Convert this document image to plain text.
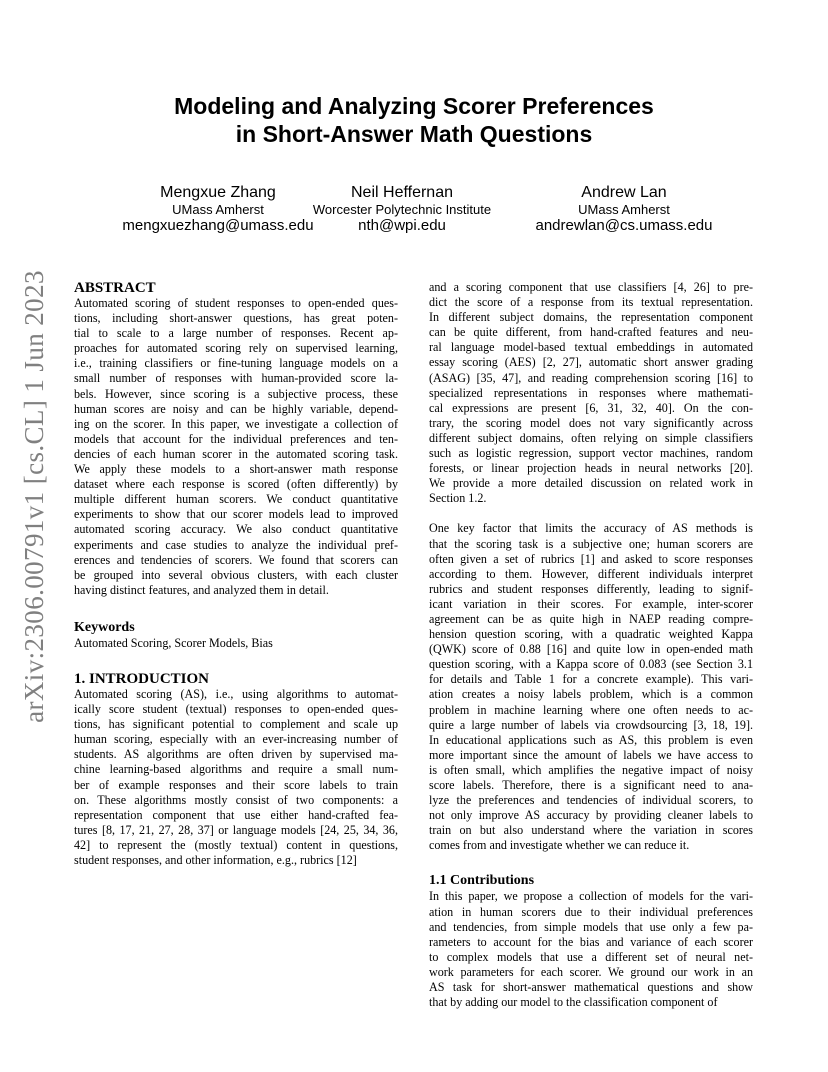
arXiv:2306.00791v1 [cs.CL] 1 Jun 2023
Modeling and Analyzing Scorer Preferences
in Short-Answer Math Questions
Mengxue Zhang
UMass Amherst
mengxuezhang@umass.edu
Neil Heffernan
Worcester Polytechnic Institute
nth@wpi.edu
Andrew Lan
UMass Amherst
andrewlan@cs.umass.edu
ABSTRACT
Automated scoring of student responses to open-ended ques-
tions, including short-answer questions, has great poten-
tial to scale to a large number of responses. Recent ap-
proaches for automated scoring rely on supervised learning,
i.e., training classifiers or fine-tuning language models on a
small number of responses with human-provided score la-
bels. However, since scoring is a subjective process, these
human scores are noisy and can be highly variable, depend-
ing on the scorer. In this paper, we investigate a collection of
models that account for the individual preferences and ten-
dencies of each human scorer in the automated scoring task.
We apply these models to a short-answer math response
dataset where each response is scored (often differently) by
multiple different human scorers. We conduct quantitative
experiments to show that our scorer models lead to improved
automated scoring accuracy. We also conduct quantitative
experiments and case studies to analyze the individual pref-
erences and tendencies of scorers. We found that scorers can
be grouped into several obvious clusters, with each cluster
having distinct features, and analyzed them in detail.
Keywords
Automated Scoring, Scorer Models, Bias
1. INTRODUCTION
Automated scoring (AS), i.e., using algorithms to automat-
ically score student (textual) responses to open-ended ques-
tions, has significant potential to complement and scale up
human scoring, especially with an ever-increasing number of
students. AS algorithms are often driven by supervised ma-
chine learning-based algorithms and require a small num-
ber of example responses and their score labels to train
on. These algorithms mostly consist of two components: a
representation component that use either hand-crafted fea-
tures [8, 17, 21, 27, 28, 37] or language models [24, 25, 34, 36,
42] to represent the (mostly textual) content in questions,
student responses, and other information, e.g., rubrics [12]
and a scoring component that use classifiers [4, 26] to pre-
dict the score of a response from its textual representation.
In different subject domains, the representation component
can be quite different, from hand-crafted features and neu-
ral language model-based textual embeddings in automated
essay scoring (AES) [2, 27], automatic short answer grading
(ASAG) [35, 47], and reading comprehension scoring [16] to
specialized representations in responses where mathemati-
cal expressions are present [6, 31, 32, 40]. On the con-
trary, the scoring model does not vary significantly across
different subject domains, often relying on simple classifiers
such as logistic regression, support vector machines, random
forests, or linear projection heads in neural networks [20].
We provide a more detailed discussion on related work in
Section 1.2.
One key factor that limits the accuracy of AS methods is
that the scoring task is a subjective one; human scorers are
often given a set of rubrics [1] and asked to score responses
according to them. However, different individuals interpret
rubrics and student responses differently, leading to signif-
icant variation in their scores. For example, inter-scorer
agreement can be as quite high in NAEP reading compre-
hension question scoring, with a quadratic weighted Kappa
(QWK) score of 0.88 [16] and quite low in open-ended math
question scoring, with a Kappa score of 0.083 (see Section 3.1
for details and Table 1 for a concrete example). This vari-
ation creates a noisy labels problem, which is a common
problem in machine learning where one often needs to ac-
quire a large number of labels via crowdsourcing [3, 18, 19].
In educational applications such as AS, this problem is even
more important since the amount of labels we have access to
is often small, which amplifies the negative impact of noisy
score labels. Therefore, there is a significant need to ana-
lyze the preferences and tendencies of individual scorers, to
not only improve AS accuracy by providing cleaner labels to
train on but also understand where the variation in scores
comes from and investigate whether we can reduce it.
1.1 Contributions
In this paper, we propose a collection of models for the vari-
ation in human scorers due to their individual preferences
and tendencies, from simple models that use only a few pa-
rameters to account for the bias and variance of each scorer
to complex models that use a different set of neural net-
work parameters for each scorer. We ground our work in an
AS task for short-answer mathematical questions and show
that by adding our model to the classification component of
